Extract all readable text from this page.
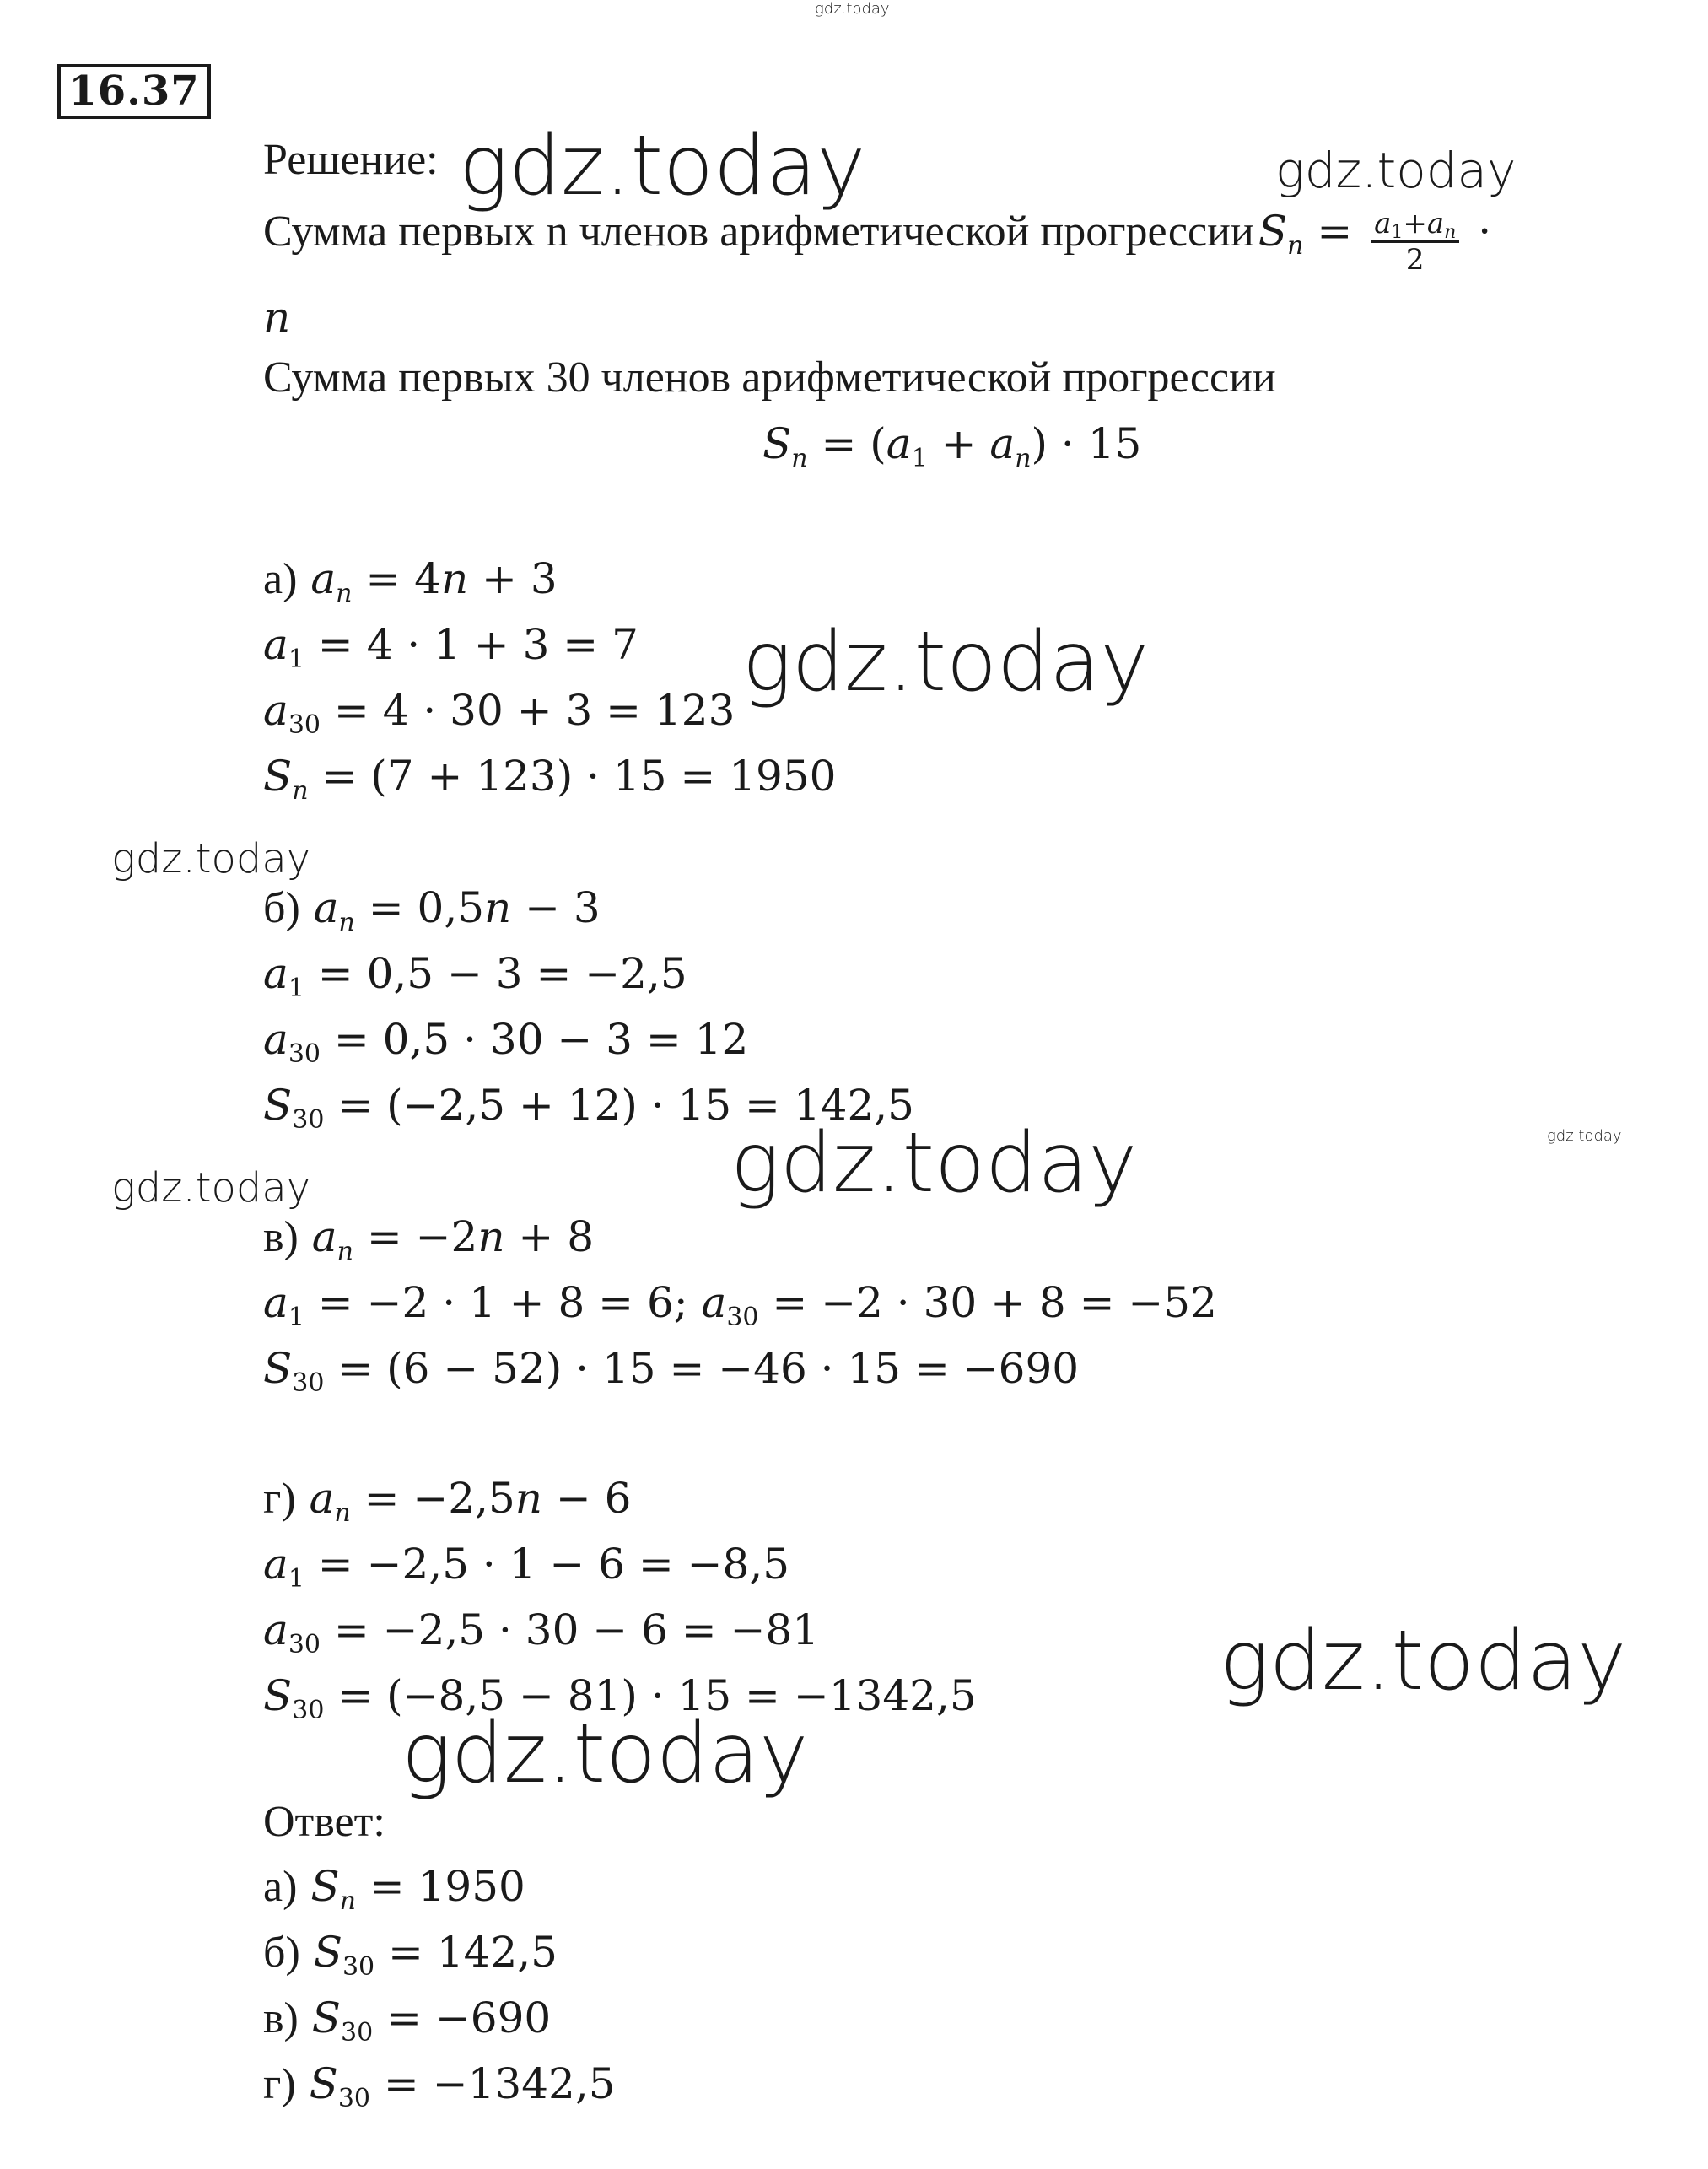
gdz.today
gdz.today	gdz.today
gdz.today
gdz.today
gdz.today	gdz.today
gdz.today
gdz.today
gdz.today
16.37
Решение:
Сумма первых n членов арифметической прогрессии $S_n = \frac{a_1+a_n}{2}$ ·
n
Сумма первых 30 членов арифметической прогрессии
$S_n = (a_1 + a_n) \cdot 15$
а) $a_n = 4n + 3$
$a_1 = 4 \cdot 1 + 3 = 7$
$a_{30} = 4 \cdot 30 + 3 = 123$
$S_n = (7 + 123) \cdot 15 = 1950$
б) $a_n = 0,5n - 3$
$a_1 = 0,5 - 3 = -2,5$
$a_{30} = 0,5 \cdot 30 - 3 = 12$
$S_{30} = (-2,5 + 12) \cdot 15 = 142,5$
в) $a_n = -2n + 8$
$a_1 = -2 \cdot 1 + 8 = 6$; $a_{30} = -2 \cdot 30 + 8 = -52$
$S_{30} = (6 - 52) \cdot 15 = -46 \cdot 15 = -690$
г) $a_n = -2,5n - 6$
$a_1 = -2,5 \cdot 1 - 6 = -8,5$
$a_{30} = -2,5 \cdot 30 - 6 = -81$
$S_{30} = (-8,5 - 81) \cdot 15 = -1342,5$
Ответ:
а) $S_n = 1950$
б) $S_{30} = 142,5$
в) $S_{30} = -690$
г) $S_{30} = -1342,5$
